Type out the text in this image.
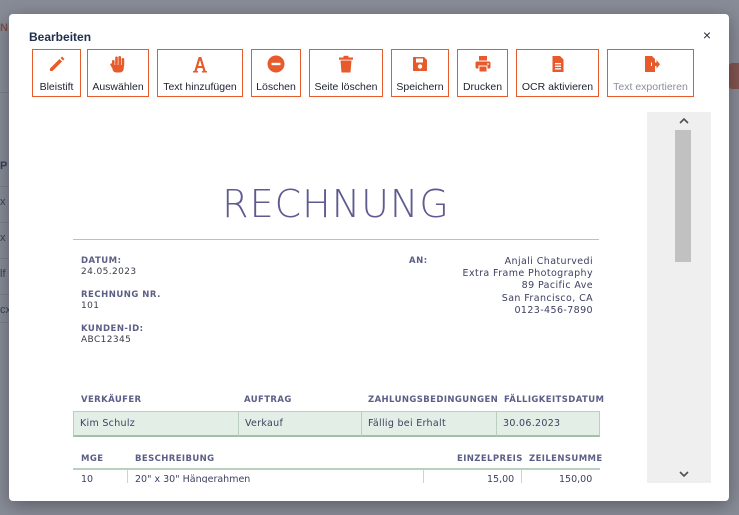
Bearbeiten	×
Bleistift Auswählen Text hinzufügen Löschen Seite löschen Speichern Drucken OCR aktivieren Text exportieren
RECHNUNG
DATUM:
24.05.2023
RECHNUNG NR.
101
KUNDEN-ID:
ABC12345
AN:	Anjali Chaturvedi
Extra Frame Photography
89 Pacific Ave
San Francisco, CA
0123-456-7890
VERKÄUFER	AUFTRAG	ZAHLUNGSBEDINGUNGEN FÄLLIGKEITSDATUM
Kim Schulz	Verkauf	Fällig bei Erhalt	30.06.2023
MGE	BESCHREIBUNG	EINZELPREIS ZEILENSUMME
10	20" x 30" Hängerahmen	15,00	150,00
